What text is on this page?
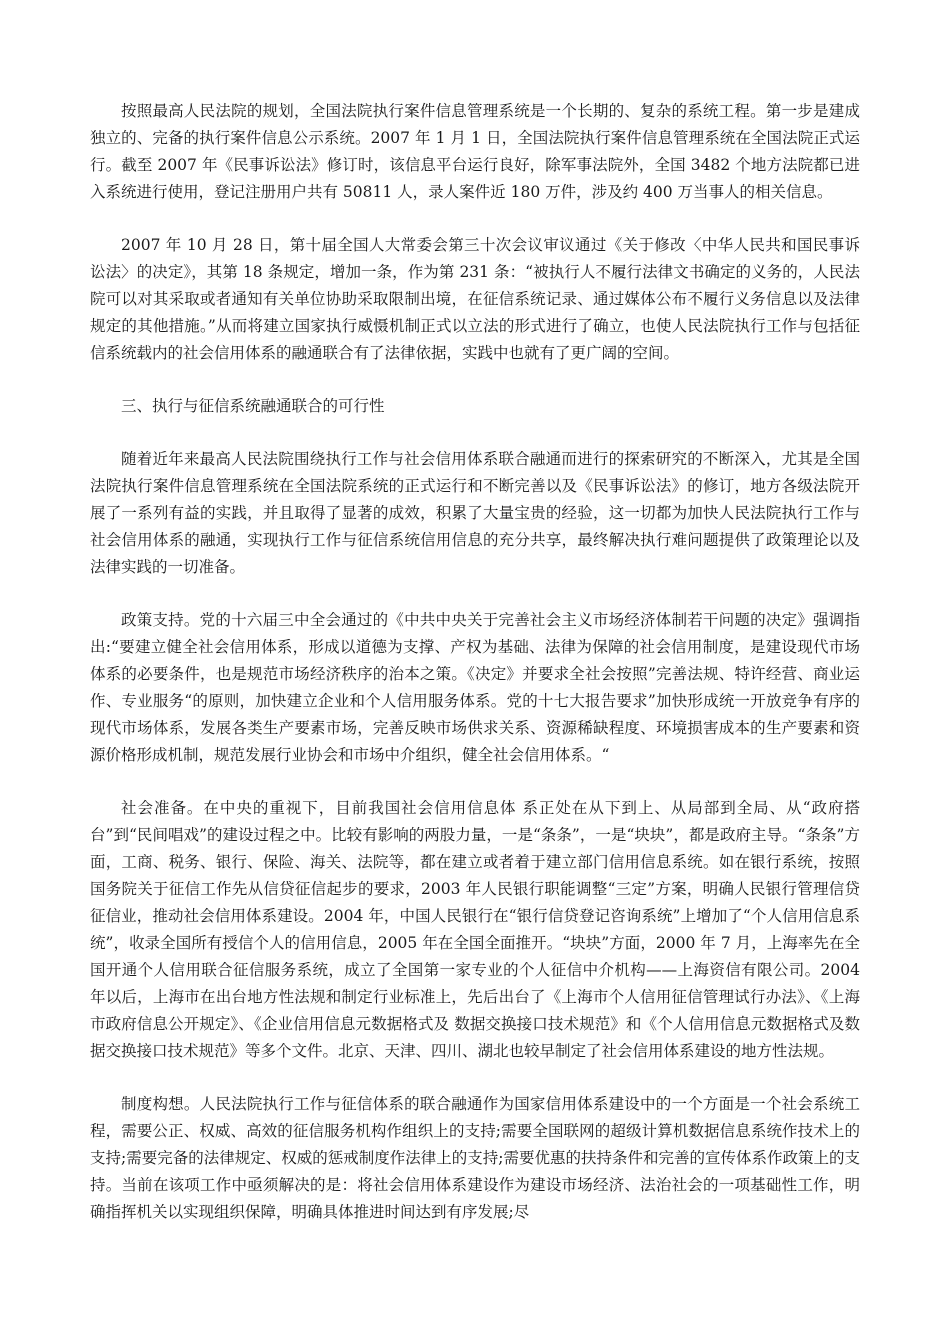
按照最高人民法院的规划，全国法院执行案件信息管理系统是一个长期的、复杂的系统工程。第一步是建成独立的、完备的执行案件信息公示系统。2007 年 1 月 1 日，全国法院执行案件信息管理系统在全国法院正式运行。截至 2007 年《民事诉讼法》修订时，该信息平台运行良好，除军事法院外，全国 3482 个地方法院都已进入系统进行使用，登记注册用户共有 50811 人，录人案件近 180 万件，涉及约 400 万当事人的相关信息。

2007 年 10 月 28 日，第十届全国人大常委会第三十次会议审议通过《关于修改〈中华人民共和国民事诉讼法〉的决定》，其第 18 条规定，增加一条，作为第 231 条：“被执行人不履行法律文书确定的义务的，人民法院可以对其采取或者通知有关单位协助采取限制出境，在征信系统记录、通过媒体公布不履行义务信息以及法律规定的其他措施。”从而将建立国家执行威慑机制正式以立法的形式进行了确立，也使人民法院执行工作与包括征信系统载内的社会信用体系的融通联合有了法律依据，实践中也就有了更广阔的空间。

三、执行与征信系统融通联合的可行性

随着近年来最高人民法院围绕执行工作与社会信用体系联合融通而进行的探索研究的不断深入，尤其是全国法院执行案件信息管理系统在全国法院系统的正式运行和不断完善以及《民事诉讼法》的修订，地方各级法院开展了一系列有益的实践，并且取得了显著的成效，积累了大量宝贵的经验，这一切都为加快人民法院执行工作与社会信用体系的融通，实现执行工作与征信系统信用信息的充分共享，最终解决执行难问题提供了政策理论以及法律实践的一切准备。

政策支持。党的十六届三中全会通过的《中共中央关于完善社会主义市场经济体制若干问题的决定》强调指出:“要建立健全社会信用体系，形成以道德为支撑、产权为基础、法律为保障的社会信用制度，是建设现代市场体系的必要条件，也是规范市场经济秩序的治本之策。《决定》并要求全社会按照”完善法规、特许经营、商业运作、专业服务“的原则，加快建立企业和个人信用服务体系。党的十七大报告要求”加快形成统一开放竞争有序的现代市场体系，发展各类生产要素市场，完善反映市场供求关系、资源稀缺程度、环境损害成本的生产要素和资源价格形成机制，规范发展行业协会和市场中介组织，健全社会信用体系。“

社会准备。在中央的重视下，目前我国社会信用信息体 系正处在从下到上、从局部到全局、从“政府搭台”到“民间唱戏”的建设过程之中。比较有影响的两股力量，一是“条条”，一是“块块”，都是政府主导。“条条”方面，工商、税务、银行、保险、海关、法院等，都在建立或者着于建立部门信用信息系统。如在银行系统，按照国务院关于征信工作先从信贷征信起步的要求，2003 年人民银行职能调整“三定”方案，明确人民银行管理信贷征信业，推动社会信用体系建设。2004 年，中国人民银行在“银行信贷登记咨询系统”上增加了“个人信用信息系统”，收录全国所有授信个人的信用信息，2005 年在全国全面推开。“块块”方面，2000 年 7 月，上海率先在全国开通个人信用联合征信服务系统，成立了全国第一家专业的个人征信中介机构——上海资信有限公司。2004 年以后，上海市在出台地方性法规和制定行业标准上，先后出台了《上海市个人信用征信管理试行办法》、《上海市政府信息公开规定》、《企业信用信息元数据格式及 数据交换接口技术规范》和《个人信用信息元数据格式及数据交换接口技术规范》等多个文件。北京、天津、四川、湖北也较早制定了社会信用体系建设的地方性法规。

制度构想。人民法院执行工作与征信体系的联合融通作为国家信用体系建设中的一个方面是一个社会系统工程，需要公正、权威、高效的征信服务机构作组织上的支持;需要全国联网的超级计算机数据信息系统作技术上的支持;需要完备的法律规定、权威的惩戒制度作法律上的支持;需要优惠的扶持条件和完善的宣传体系作政策上的支持。当前在该项工作中亟须解决的是：将社会信用体系建设作为建设市场经济、法治社会的一项基础性工作，明确指挥机关以实现组织保障，明确具体推进时间达到有序发展;尽
